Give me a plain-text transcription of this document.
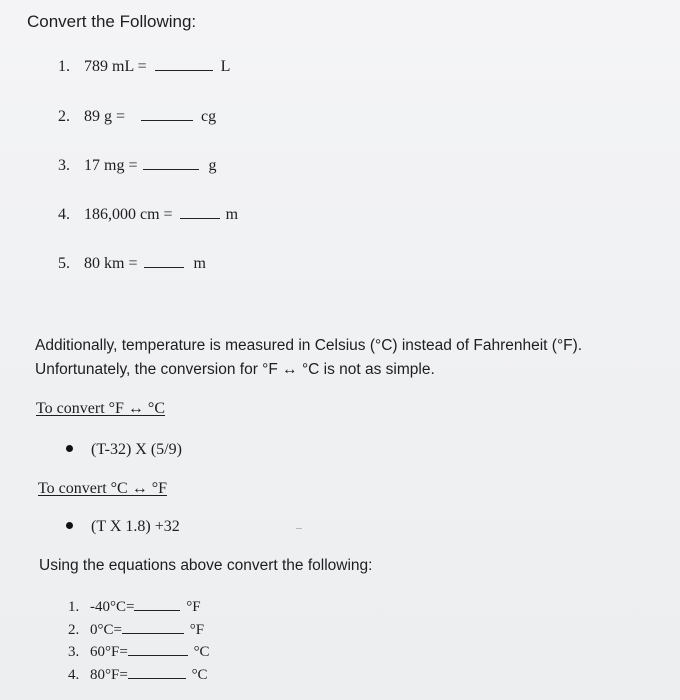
Convert the Following:
1. 789 mL =	L
2. 89 g =	cg
3. 17 mg =	g
4. 186,000 cm =	m
5. 80 km =	m
Additionally, temperature is measured in Celsius (°C) instead of Fahrenheit (°F).
Unfortunately, the conversion for °F ↔ °C is not as simple.
To convert °F ↔ °C
(T-32) X (5/9)
To convert °C ↔ °F
(T X 1.8) +32
Using the equations above convert the following:
1. -40°C=	°F
2. 0°C=	°F
3. 60°F=	°C
4. 80°F=	°C
